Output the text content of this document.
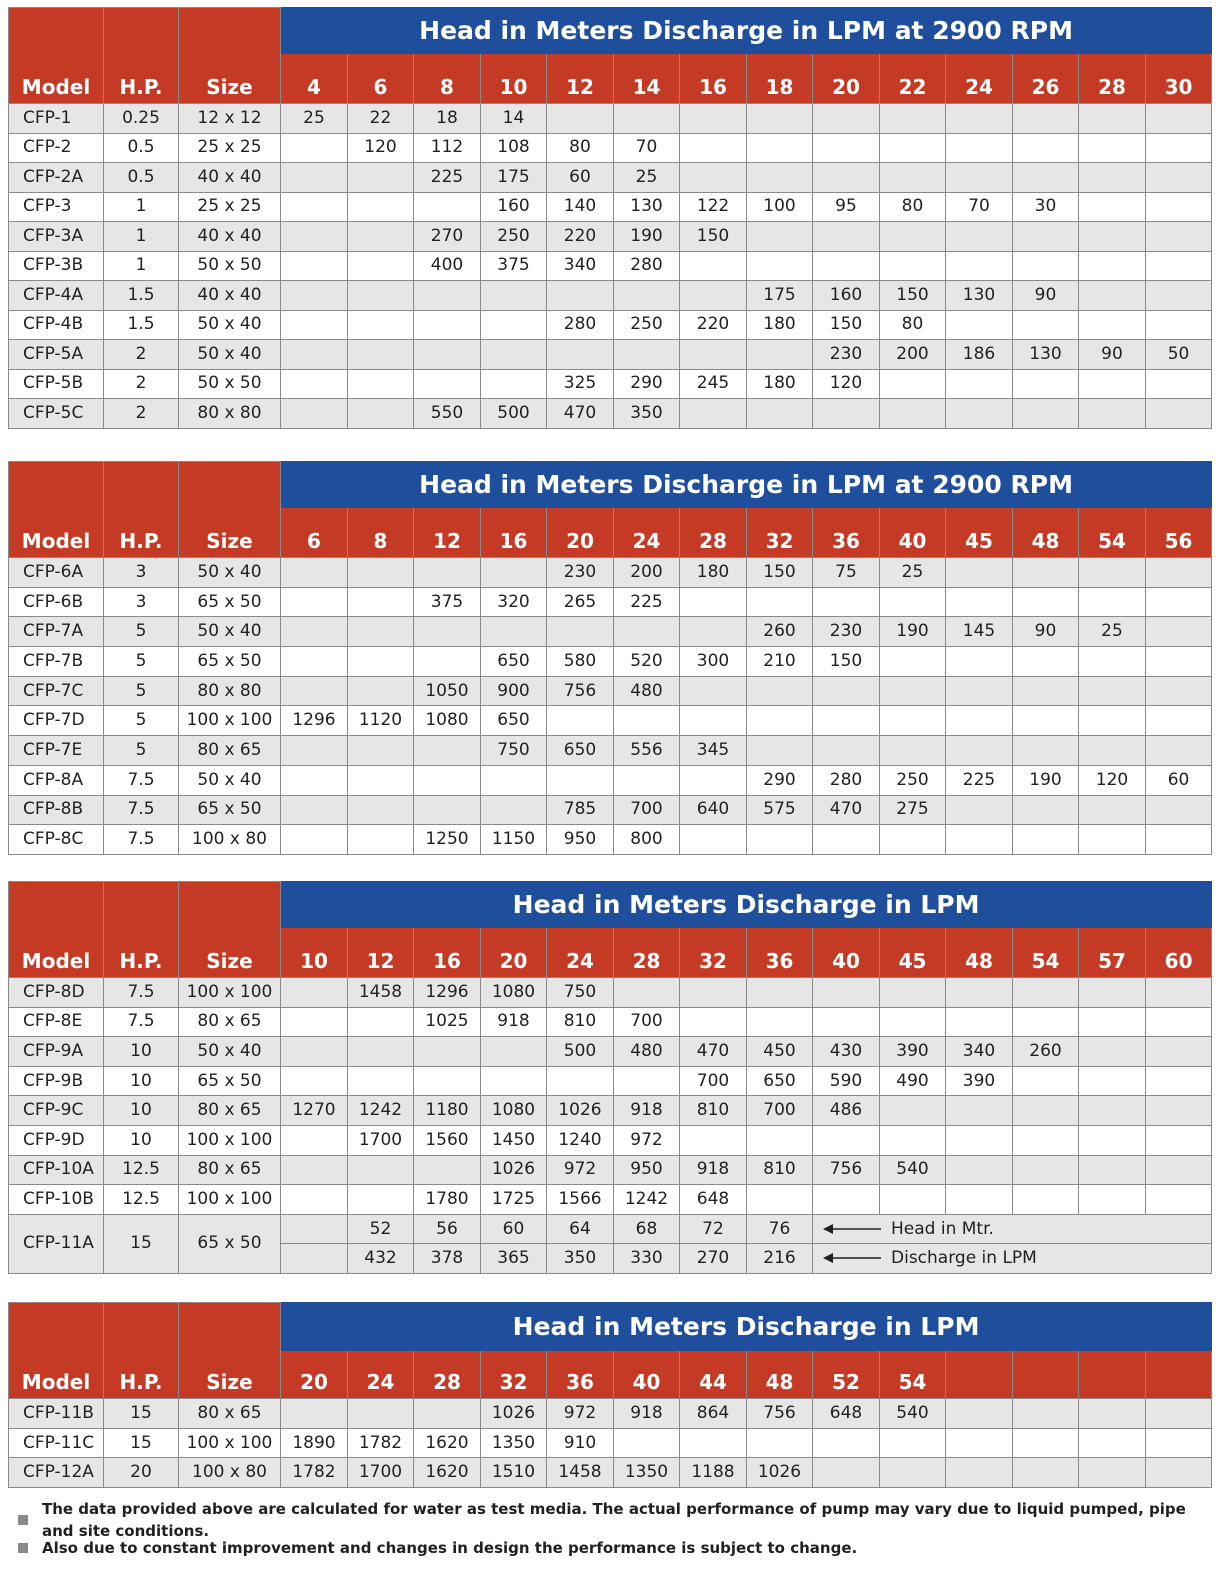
			Head in Meters Discharge in LPM at 2900 RPM													
Model	H.P.	Size	4	6	8	10	12	14	16	18	20	22	24	26	28	30
CFP-1	0.25	12 x 12	25	22	18	14										
CFP-2	0.5	25 x 25		120	112	108	80	70								
CFP-2A	0.5	40 x 40			225	175	60	25								
CFP-3	1	25 x 25				160	140	130	122	100	95	80	70	30		
CFP-3A	1	40 x 40			270	250	220	190	150							
CFP-3B	1	50 x 50			400	375	340	280								
CFP-4A	1.5	40 x 40								175	160	150	130	90		
CFP-4B	1.5	50 x 40					280	250	220	180	150	80				
CFP-5A	2	50 x 40									230	200	186	130	90	50
CFP-5B	2	50 x 50					325	290	245	180	120					
CFP-5C	2	80 x 80			550	500	470	350								
			Head in Meters Discharge in LPM at 2900 RPM													
Model	H.P.	Size	6	8	12	16	20	24	28	32	36	40	45	48	54	56
CFP-6A	3	50 x 40					230	200	180	150	75	25				
CFP-6B	3	65 x 50			375	320	265	225								
CFP-7A	5	50 x 40								260	230	190	145	90	25	
CFP-7B	5	65 x 50				650	580	520	300	210	150					
CFP-7C	5	80 x 80			1050	900	756	480								
CFP-7D	5	100 x 100	1296	1120	1080	650										
CFP-7E	5	80 x 65				750	650	556	345							
CFP-8A	7.5	50 x 40								290	280	250	225	190	120	60
CFP-8B	7.5	65 x 50					785	700	640	575	470	275				
CFP-8C	7.5	100 x 80			1250	1150	950	800								
			Head in Meters Discharge in LPM													
Model	H.P.	Size	10	12	16	20	24	28	32	36	40	45	48	54	57	60
CFP-8D	7.5	100 x 100		1458	1296	1080	750									
CFP-8E	7.5	80 x 65			1025	918	810	700								
CFP-9A	10	50 x 40					500	480	470	450	430	390	340	260		
CFP-9B	10	65 x 50							700	650	590	490	390			
CFP-9C	10	80 x 65	1270	1242	1180	1080	1026	918	810	700	486					
CFP-9D	10	100 x 100		1700	1560	1450	1240	972								
CFP-10A	12.5	80 x 65				1026	972	950	918	810	756	540				
CFP-10B	12.5	100 x 100			1780	1725	1566	1242	648							
CFP-11A	15	65 x 50		52	56	60	64	68	72	76	Head in Mtr.					
				432	378	365	350	330	270	216	Discharge in LPM					
			Head in Meters Discharge in LPM													
Model	H.P.	Size	20	24	28	32	36	40	44	48	52	54				
CFP-11B	15	80 x 65				1026	972	918	864	756	648	540				
CFP-11C	15	100 x 100	1890	1782	1620	1350	910									
CFP-12A	20	100 x 80	1782	1700	1620	1510	1458	1350	1188	1026						
The data provided above are calculated for water as test media. The actual performance of pump may vary due to liquid pumped, pipe and site conditions.
Also due to constant improvement and changes in design the performance is subject to change.
